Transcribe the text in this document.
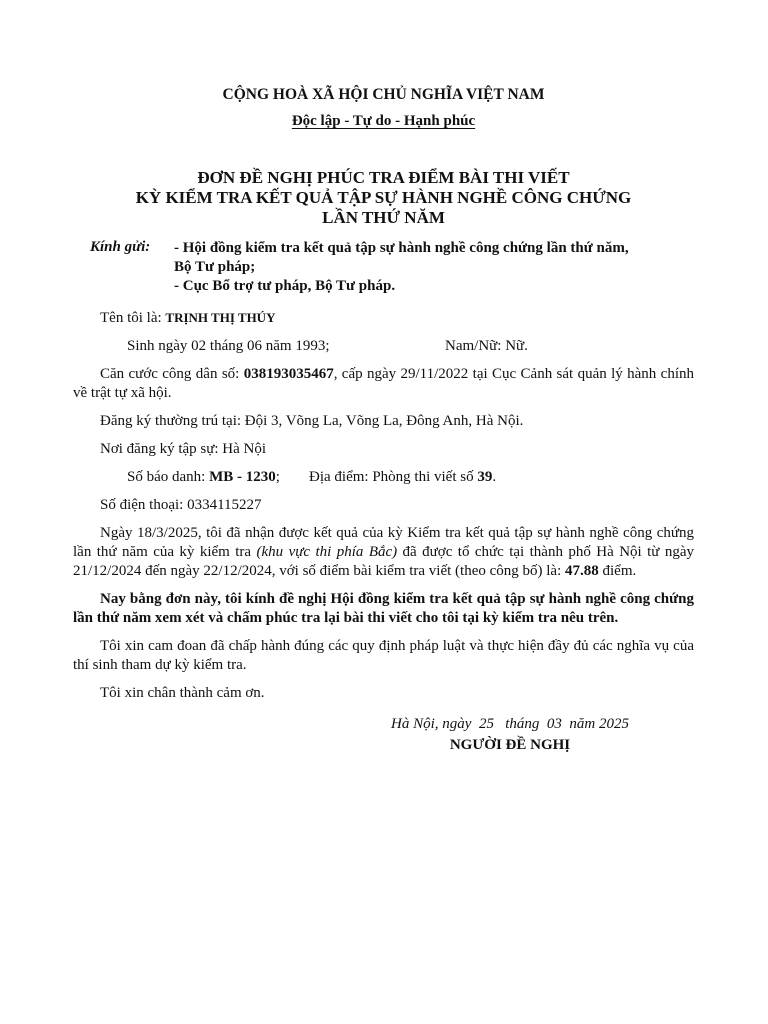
CỘNG HOÀ XÃ HỘI CHỦ NGHĨA VIỆT NAM
Độc lập - Tự do - Hạnh phúc
ĐƠN ĐỀ NGHỊ PHÚC TRA ĐIỂM BÀI THI VIẾT
KỲ KIỂM TRA KẾT QUẢ TẬP SỰ HÀNH NGHỀ CÔNG CHỨNG
LẦN THỨ NĂM
Kính gửi: - Hội đồng kiểm tra kết quả tập sự hành nghề công chứng lần thứ năm,
Bộ Tư pháp;
- Cục Bổ trợ tư pháp, Bộ Tư pháp.

Tên tôi là: TRỊNH THỊ THÚY

Sinh ngày 02 tháng 06 năm 1993;	Nam/Nữ: Nữ.

Căn cước công dân số: 038193035467, cấp ngày 29/11/2022 tại Cục Cảnh sát quản lý hành chính về trật tự xã hội.

Đăng ký thường trú tại: Đội 3, Võng La, Võng La, Đông Anh, Hà Nội.

Nơi đăng ký tập sự: Hà Nội

Số báo danh: MB - 1230; Địa điểm: Phòng thi viết số 39.

Số điện thoại: 0334115227

Ngày 18/3/2025, tôi đã nhận được kết quả của kỳ Kiểm tra kết quả tập sự hành nghề công chứng lần thứ năm của kỳ kiểm tra (khu vực thi phía Bắc) đã được tổ chức tại thành phố Hà Nội từ ngày 21/12/2024 đến ngày 22/12/2024, với số điểm bài kiểm tra viết (theo công bố) là: 47.88 điểm.

Nay bằng đơn này, tôi kính đề nghị Hội đồng kiểm tra kết quả tập sự hành nghề công chứng lần thứ năm xem xét và chấm phúc tra lại bài thi viết cho tôi tại kỳ kiểm tra nêu trên.

Tôi xin cam đoan đã chấp hành đúng các quy định pháp luật và thực hiện đầy đủ các nghĩa vụ của thí sinh tham dự kỳ kiểm tra.

Tôi xin chân thành cảm ơn.

Hà Nội, ngày  25   tháng  03  năm 2025
NGƯỜI ĐỀ NGHỊ
